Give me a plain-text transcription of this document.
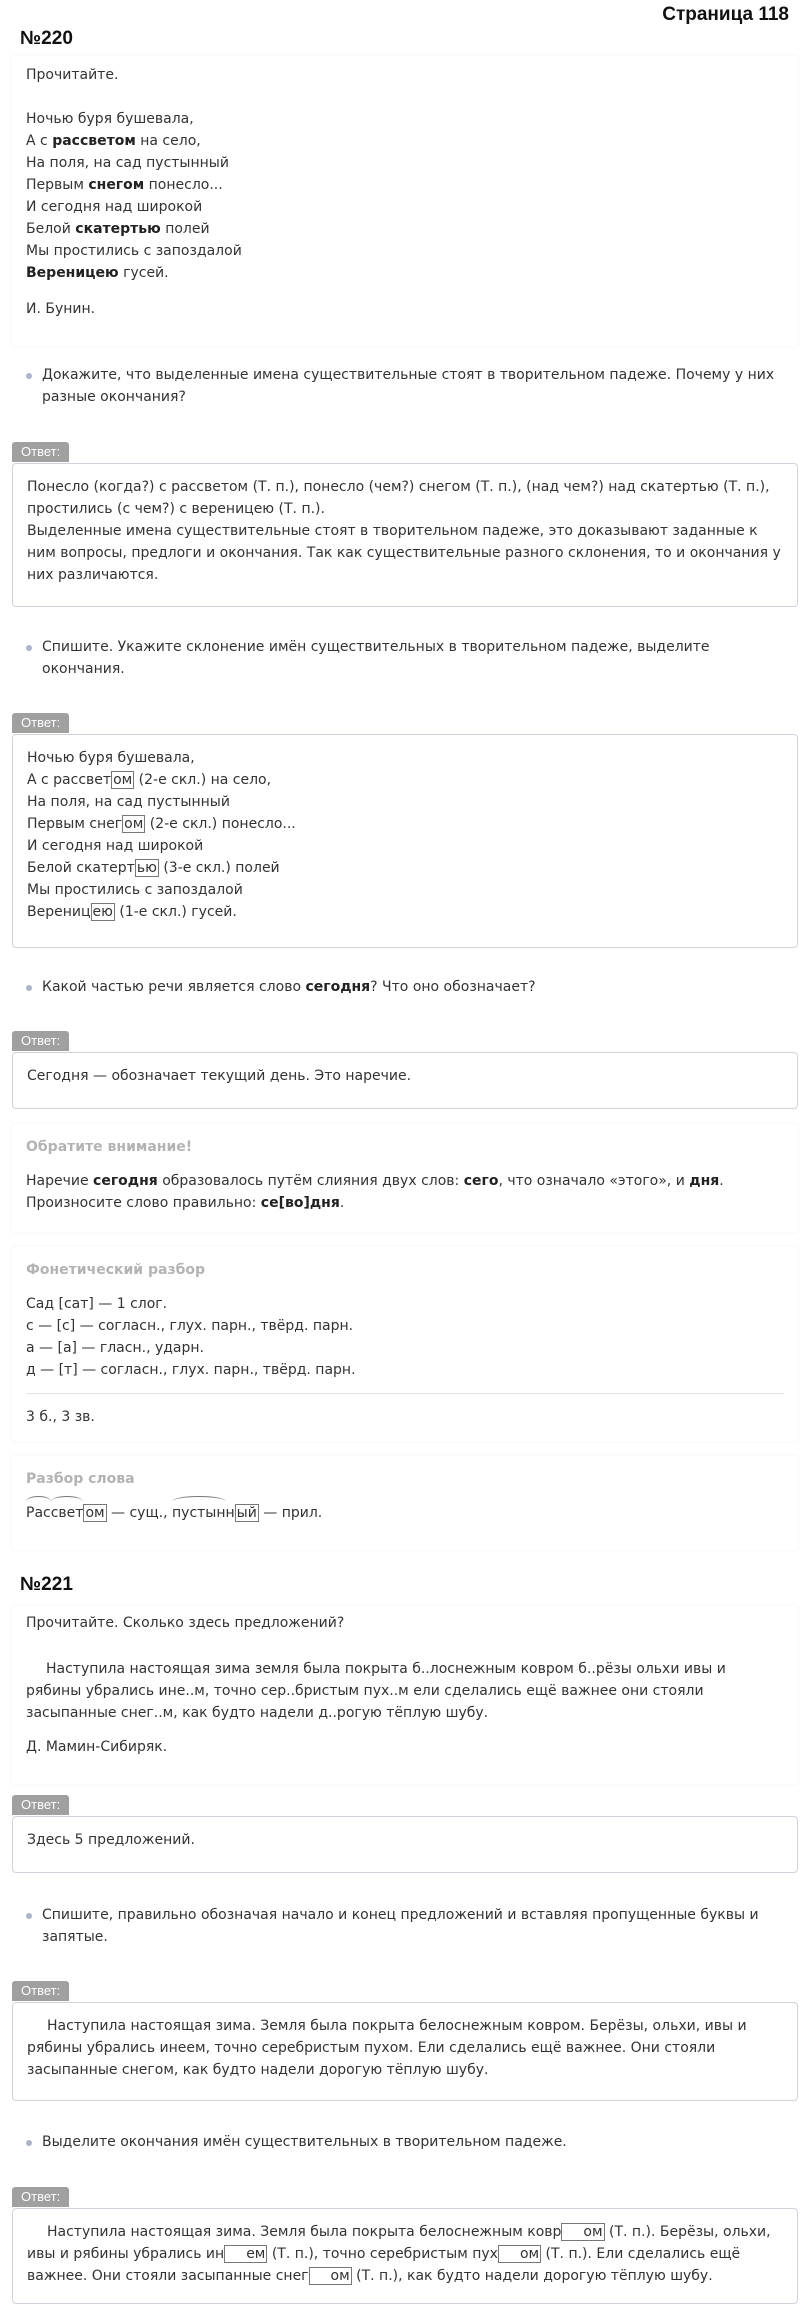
Страница 118
№220

Прочитайте.

Ночью буря бушевала,
А с рассветом на село,
На поля, на сад пустынный
Первым снегом понесло...
И сегодня над широкой
Белой скатертью полей
Мы простились с запоздалой
Вереницею гусей.

И. Бунин.

Докажите, что выделенные имена существительные стоят в творительном падеже. Почему у них разные окончания?
Ответ:

Понесло (когда?) с рассветом (Т. п.), понесло (чем?) снегом (Т. п.), (над чем?) над скатертью (Т. п.), простились (с чем?) с вереницею (Т. п.).

Выделенные имена существительные стоят в творительном падеже, это доказывают заданные к ним вопросы, предлоги и окончания. Так как существительные разного склонения, то и окончания у них различаются.

Спишите. Укажите склонение имён существительных в творительном падеже, выделите окончания.
Ответ:
Ночью буря бушевала,
А с рассвет ом (2-е скл.) на село,
На поля, на сад пустынный
Первым снег ом (2-е скл.) понесло...
И сегодня над широкой
Белой скатерт ью (3-е скл.) полей
Мы простились с запоздалой
Верениц ею (1-е скл.) гусей.
Какой частью речи является слово сегодня? Что оно обозначает?
Ответ:

Сегодня — обозначает текущий день. Это наречие.

Обратите внимание!
Наречие сегодня образовалось путём слияния двух слов: сего, что означало «этого», и дня.
Произносите слово правильно: се[во]дня.
Фонетический разбор

Сад [сат] — 1 слог.

с — [с] — согласн., глух. парн., твёрд. парн.

а — [а] — гласн., ударн.

д — [т] — согласн., глух. парн., твёрд. парн.

3 б., 3 зв.

Разбор слова
Рассвет ом — сущ., пустынн ый — прил.
№221

Прочитайте. Сколько здесь предложений?

Наступила настоящая зима земля была покрыта б..лоснежным ковром б..рёзы ольхи ивы и рябины убрались ине..м, точно сер..бристым пух..м ели сделались ещё важнее они стояли засыпанные снег..м, как будто надели д..рогую тёплую шубу.

Д. Мамин-Сибиряк.

Ответ:

Здесь 5 предложений.

Спишите, правильно обозначая начало и конец предложений и вставляя пропущенные буквы и запятые.
Ответ:

Наступила настоящая зима. Земля была покрыта белоснежным ковром. Берёзы, ольхи, ивы и рябины убрались инеем, точно серебристым пухом. Ели сделались ещё важнее. Они стояли засыпанные снегом, как будто надели дорогую тёплую шубу.

Выделите окончания имён существительных в творительном падеже.
Ответ:

Наступила настоящая зима. Земля была покрыта белоснежным ковр ом (Т. п.). Берёзы, ольхи, ивы и рябины убрались ин ем (Т. п.), точно серебристым пух ом (Т. п.). Ели сделались ещё важнее. Они стояли засыпанные снег ом (Т. п.), как будто надели дорогую тёплую шубу.
